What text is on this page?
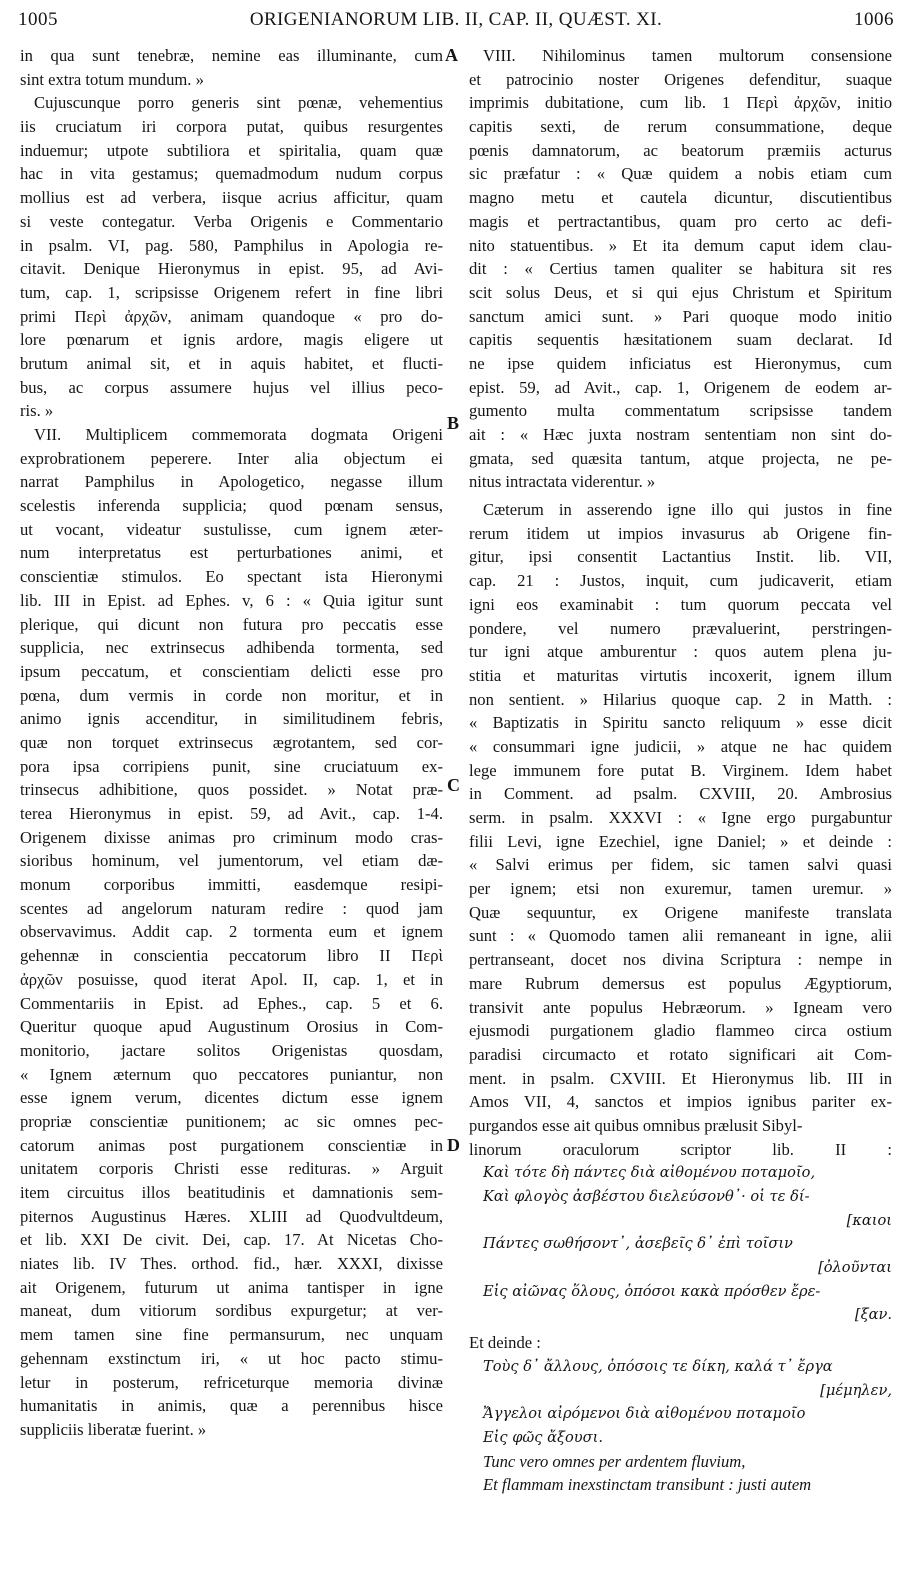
1005	ORIGENIANORUM LIB. II, CAP. II, QUÆST. XI.	1006
in qua sunt tenebræ, nemine eas illuminante, cum
sint extra totum mundum. »
Cujuscunque porro generis sint pœnæ, vehementius
iis cruciatum iri corpora putat, quibus resurgentes
induemur; utpote subtiliora et spiritalia, quam quæ
hac in vita gestamus; quemadmodum nudum corpus
mollius est ad verbera, iisque acrius afficitur, quam
si veste contegatur. Verba Origenis e Commentario
in psalm. VI, pag. 580, Pamphilus in Apologia re-
citavit. Denique Hieronymus in epist. 95, ad Avi-
tum, cap. 1, scripsisse Origenem refert in fine libri
primi Περὶ ἀρχῶν, animam quandoque « pro do-
lore pœnarum et ignis ardore, magis eligere ut
brutum animal sit, et in aquis habitet, et flucti-
bus, ac corpus assumere hujus vel illius peco-
ris. »
VII. Multiplicem commemorata dogmata Origeni
exprobrationem peperere. Inter alia objectum ei
narrat Pamphilus in Apologetico, negasse illum
scelestis inferenda supplicia; quod pœnam sensus,
ut vocant, videatur sustulisse, cum ignem æter-
num interpretatus est perturbationes animi, et
conscientiæ stimulos. Eo spectant ista Hieronymi
lib. III in Epist. ad Ephes. v, 6 : « Quia igitur sunt
plerique, qui dicunt non futura pro peccatis esse
supplicia, nec extrinsecus adhibenda tormenta, sed
ipsum peccatum, et conscientiam delicti esse pro
pœna, dum vermis in corde non moritur, et in
animo ignis accenditur, in similitudinem febris,
quæ non torquet extrinsecus ægrotantem, sed cor-
pora ipsa corripiens punit, sine cruciatuum ex-
trinsecus adhibitione, quos possidet. » Notat præ-
terea Hieronymus in epist. 59, ad Avit., cap. 1-4.
Origenem dixisse animas pro criminum modo cras-
sioribus hominum, vel jumentorum, vel etiam dæ-
monum corporibus immitti, easdemque resipi-
scentes ad angelorum naturam redire : quod jam
observavimus. Addit cap. 2 tormenta eum et ignem
gehennæ in conscientia peccatorum libro II Περὶ
ἀρχῶν posuisse, quod iterat Apol. II, cap. 1, et in
Commentariis in Epist. ad Ephes., cap. 5 et 6.
Queritur quoque apud Augustinum Orosius in Com-
monitorio, jactare solitos Origenistas quosdam,
« Ignem æternum quo peccatores puniantur, non
esse ignem verum, dicentes dictum esse ignem
propriæ conscientiæ punitionem; ac sic omnes pec-
catorum animas post purgationem conscientiæ in
unitatem corporis Christi esse redituras. » Arguit
item circuitus illos beatitudinis et damnationis sem-
piternos Augustinus Hæres. XLIII ad Quodvultdeum,
et lib. XXI De civit. Dei, cap. 17. At Nicetas Cho-
niates lib. IV Thes. orthod. fid., hær. XXXI, dixisse
ait Origenem, futurum ut anima tantisper in igne
maneat, dum vitiorum sordibus expurgetur; at ver-
mem tamen sine fine permansurum, nec unquam
gehennam exstinctum iri, « ut hoc pacto stimu-
letur in posterum, refriceturque memoria divinæ
humanitatis in animis, quæ a perennibus hisce
suppliciis liberatæ fuerint. »
VIII. Nihilominus tamen multorum consensione
et patrocinio noster Origenes defenditur, suaque
imprimis dubitatione, cum lib. 1 Περὶ ἀρχῶν, initio
capitis sexti, de rerum consummatione, deque
pœnis damnatorum, ac beatorum præmiis acturus
sic præfatur : « Quæ quidem a nobis etiam cum
magno metu et cautela dicuntur, discutientibus
magis et pertractantibus, quam pro certo ac defi-
nito statuentibus. » Et ita demum caput idem clau-
dit : « Certius tamen qualiter se habitura sit res
scit solus Deus, et si qui ejus Christum et Spiritum
sanctum amici sunt. » Pari quoque modo initio
capitis sequentis hæsitationem suam declarat. Id
ne ipse quidem inficiatus est Hieronymus, cum
epist. 59, ad Avit., cap. 1, Origenem de eodem ar-
gumento multa commentatum scripsisse tandem
ait : « Hæc juxta nostram sententiam non sint do-
gmata, sed quæsita tantum, atque projecta, ne pe-
nitus intractata viderentur. »
Cæterum in asserendo igne illo qui justos in fine
rerum itidem ut impios invasurus ab Origene fin-
gitur, ipsi consentit Lactantius Instit. lib. VII,
cap. 21 : Justos, inquit, cum judicaverit, etiam
igni eos examinabit : tum quorum peccata vel
pondere, vel numero prævaluerint, perstringen-
tur igni atque amburentur : quos autem plena ju-
stitia et maturitas virtutis incoxerit, ignem illum
non sentient. » Hilarius quoque cap. 2 in Matth. :
« Baptizatis in Spiritu sancto reliquum » esse dicit
« consummari igne judicii, » atque ne hac quidem
lege immunem fore putat B. Virginem. Idem habet
in Comment. ad psalm. CXVIII, 20. Ambrosius
serm. in psalm. XXXVI : « Igne ergo purgabuntur
filii Levi, igne Ezechiel, igne Daniel; » et deinde :
« Salvi erimus per fidem, sic tamen salvi quasi
per ignem; etsi non exuremur, tamen uremur. »
Quæ sequuntur, ex Origene manifeste translata
sunt : « Quomodo tamen alii remaneant in igne, alii
pertranseant, docet nos divina Scriptura : nempe in
mare Rubrum demersus est populus Ægyptiorum,
transivit ante populus Hebræorum. » Igneam vero
ejusmodi purgationem gladio flammeo circa ostium
paradisi circumacto et rotato significari ait Com-
ment. in psalm. CXVIII. Et Hieronymus lib. III in
Amos VII, 4, sanctos et impios ignibus pariter ex-
purgandos esse ait quibus omnibus prælusit Sibyl-
linorum oraculorum scriptor lib. II :
Καὶ τότε δὴ πάντες διὰ αἰθομένου ποταμοῖο,
Καὶ φλογὸς ἀσβέστου διελεύσονθ᾽· οἱ τε δί-
[καιοι
Πάντες σωθήσοντ᾽, ἀσεβεῖς δ᾽ ἐπὶ τοῖσιν
[ὀλοῦνται
Εἰς αἰῶνας ὅλους, ὁπόσοι κακὰ πρόσθεν ἔρε-
[ξαν.
Et deinde :
Τοὺς δ᾽ ἄλλους, ὁπόσοις τε δίκη, καλά τ᾽ ἔργα
[μέμηλεν,
Ἄγγελοι αἰρόμενοι διὰ αἰθομένου ποταμοῖο
Εἰς φῶς ἄξουσι.
Tunc vero omnes per ardentem fluvium,
Et flammam inexstinctam transibunt : justi autem
A
B
C
D
